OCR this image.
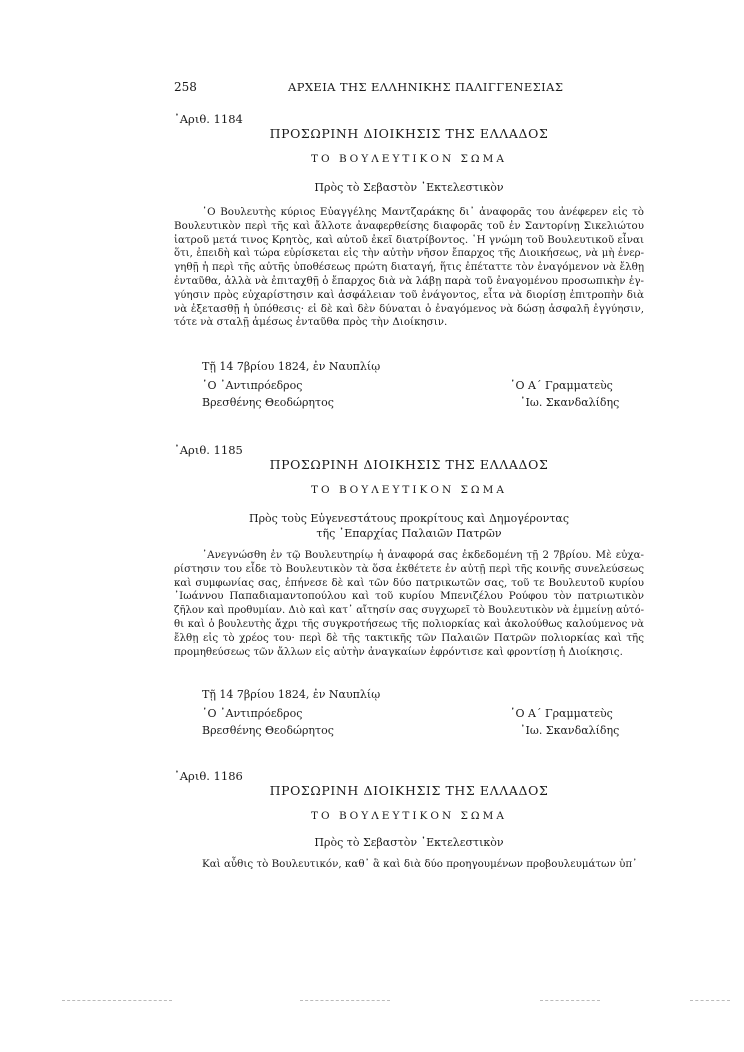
258	ΑΡΧΕΙΑ ΤΗΣ ΕΛΛΗΝΙΚΗΣ ΠΑΛΙΓΓΕΝΕΣΙΑΣ
᾿Αριθ. 1184
ΠΡΟΣΩΡΙΝΗ ΔΙΟΙΚΗΣΙΣ ΤΗΣ ΕΛΛΑΔΟΣ
ΤΟ ΒΟΥΛΕΥΤΙΚΟΝ ΣΩΜΑ
Πρὸς τὸ Σεβαστὸν ᾿Εκτελεστικὸν
῾Ο Βουλευτὴς κύριος Εὐαγγέλης Μαντζαράκης δι᾿ ἀναφορᾶς του ἀνέφερεν εἰς τὸ
Βουλευτικὸν περὶ τῆς καὶ ἄλλοτε ἀναφερθείσης διαφορᾶς τοῦ ἐν Σαντορίνῃ Σικελιώτου
ἰατροῦ μετά τινος Κρητὸς, καὶ αὐτοῦ ἐκεῖ διατρίβοντος. ῾Η γνώμη τοῦ Βουλευτικοῦ εἶναι
ὅτι, ἐπειδὴ καὶ τώρα εὑρίσκεται εἰς τὴν αὐτὴν νῆσον ἔπαρχος τῆς Διοικήσεως, νὰ μὴ ἐνερ-
γηθῇ ἡ περὶ τῆς αὐτῆς ὑποθέσεως πρώτη διαταγή, ἥτις ἐπέταττε τὸν ἐναγόμενον νὰ ἔλθῃ
ἐνταῦθα, ἀλλὰ νὰ ἐπιταχθῇ ὁ ἔπαρχος διὰ νὰ λάβῃ παρὰ τοῦ ἐναγομένου προσωπικὴν ἐγ-
γύησιν πρὸς εὐχαρίστησιν καὶ ἀσφάλειαν τοῦ ἐνάγοντος, εἶτα νὰ διορίσῃ ἐπιτροπὴν διὰ
νὰ ἐξετασθῇ ἡ ὑπόθεσις· εἰ δὲ καὶ δὲν δύναται ὁ ἐναγόμενος νὰ δώσῃ ἀσφαλῆ ἐγγύησιν,
τότε νὰ σταλῇ ἀμέσως ἐνταῦθα πρὸς τὴν Διοίκησιν.
Τῇ 14 7βρίου 1824, ἐν Ναυπλίῳ
῾Ο ᾿Αντιπρόεδρος
Βρεσθένης Θεοδώρητος
῾Ο Α΄ Γραμματεὺς
᾿Ιω. Σκανδαλίδης
᾿Αριθ. 1185
ΠΡΟΣΩΡΙΝΗ ΔΙΟΙΚΗΣΙΣ ΤΗΣ ΕΛΛΑΔΟΣ
ΤΟ ΒΟΥΛΕΥΤΙΚΟΝ ΣΩΜΑ
Πρὸς τοὺς Εὐγενεστάτους προκρίτους καὶ Δημογέροντας
τῆς ᾿Επαρχίας Παλαιῶν Πατρῶν
᾿Ανεγνώσθη ἐν τῷ Βουλευτηρίῳ ἡ ἀναφορά σας ἐκδεδομένη τῇ 2 7βρίου. Μὲ εὐχα-
ρίστησιν του εἶδε τὸ Βουλευτικὸν τὰ ὅσα ἐκθέτετε ἐν αὐτῇ περὶ τῆς κοινῆς συνελεύσεως
καὶ συμφωνίας σας, ἐπήνεσε δὲ καὶ τῶν δύο πατρικωτῶν σας, τοῦ τε Βουλευτοῦ κυρίου
᾿Ιωάννου Παπαδιαμαντοπούλου καὶ τοῦ κυρίου Μπενιζέλου Ρούφου τὸν πατριωτικὸν
ζῆλον καὶ προθυμίαν. Διὸ καὶ κατ᾿ αἴτησίν σας συγχωρεῖ τὸ Βουλευτικὸν νὰ ἐμμείνῃ αὐτό-
θι καὶ ὁ βουλευτὴς ἄχρι τῆς συγκροτήσεως τῆς πολιορκίας καὶ ἀκολούθως καλούμενος νὰ
ἔλθῃ εἰς τὸ χρέος του· περὶ δὲ τῆς τακτικῆς τῶν Παλαιῶν Πατρῶν πολιορκίας καὶ τῆς
προμηθεύσεως τῶν ἄλλων εἰς αὐτὴν ἀναγκαίων ἐφρόντισε καὶ φροντίσῃ ἡ Διοίκησις.
Τῇ 14 7βρίου 1824, ἐν Ναυπλίῳ
῾Ο ᾿Αντιπρόεδρος
Βρεσθένης Θεοδώρητος
῾Ο Α΄ Γραμματεὺς
᾿Ιω. Σκανδαλίδης
᾿Αριθ. 1186
ΠΡΟΣΩΡΙΝΗ ΔΙΟΙΚΗΣΙΣ ΤΗΣ ΕΛΛΑΔΟΣ
ΤΟ ΒΟΥΛΕΥΤΙΚΟΝ ΣΩΜΑ
Πρὸς τὸ Σεβαστὸν ᾿Εκτελεστικὸν
Καὶ αὖθις τὸ Βουλευτικόν, καθ᾿ ἃ καὶ διὰ δύο προηγουμένων προβουλευμάτων ὑπ᾿
